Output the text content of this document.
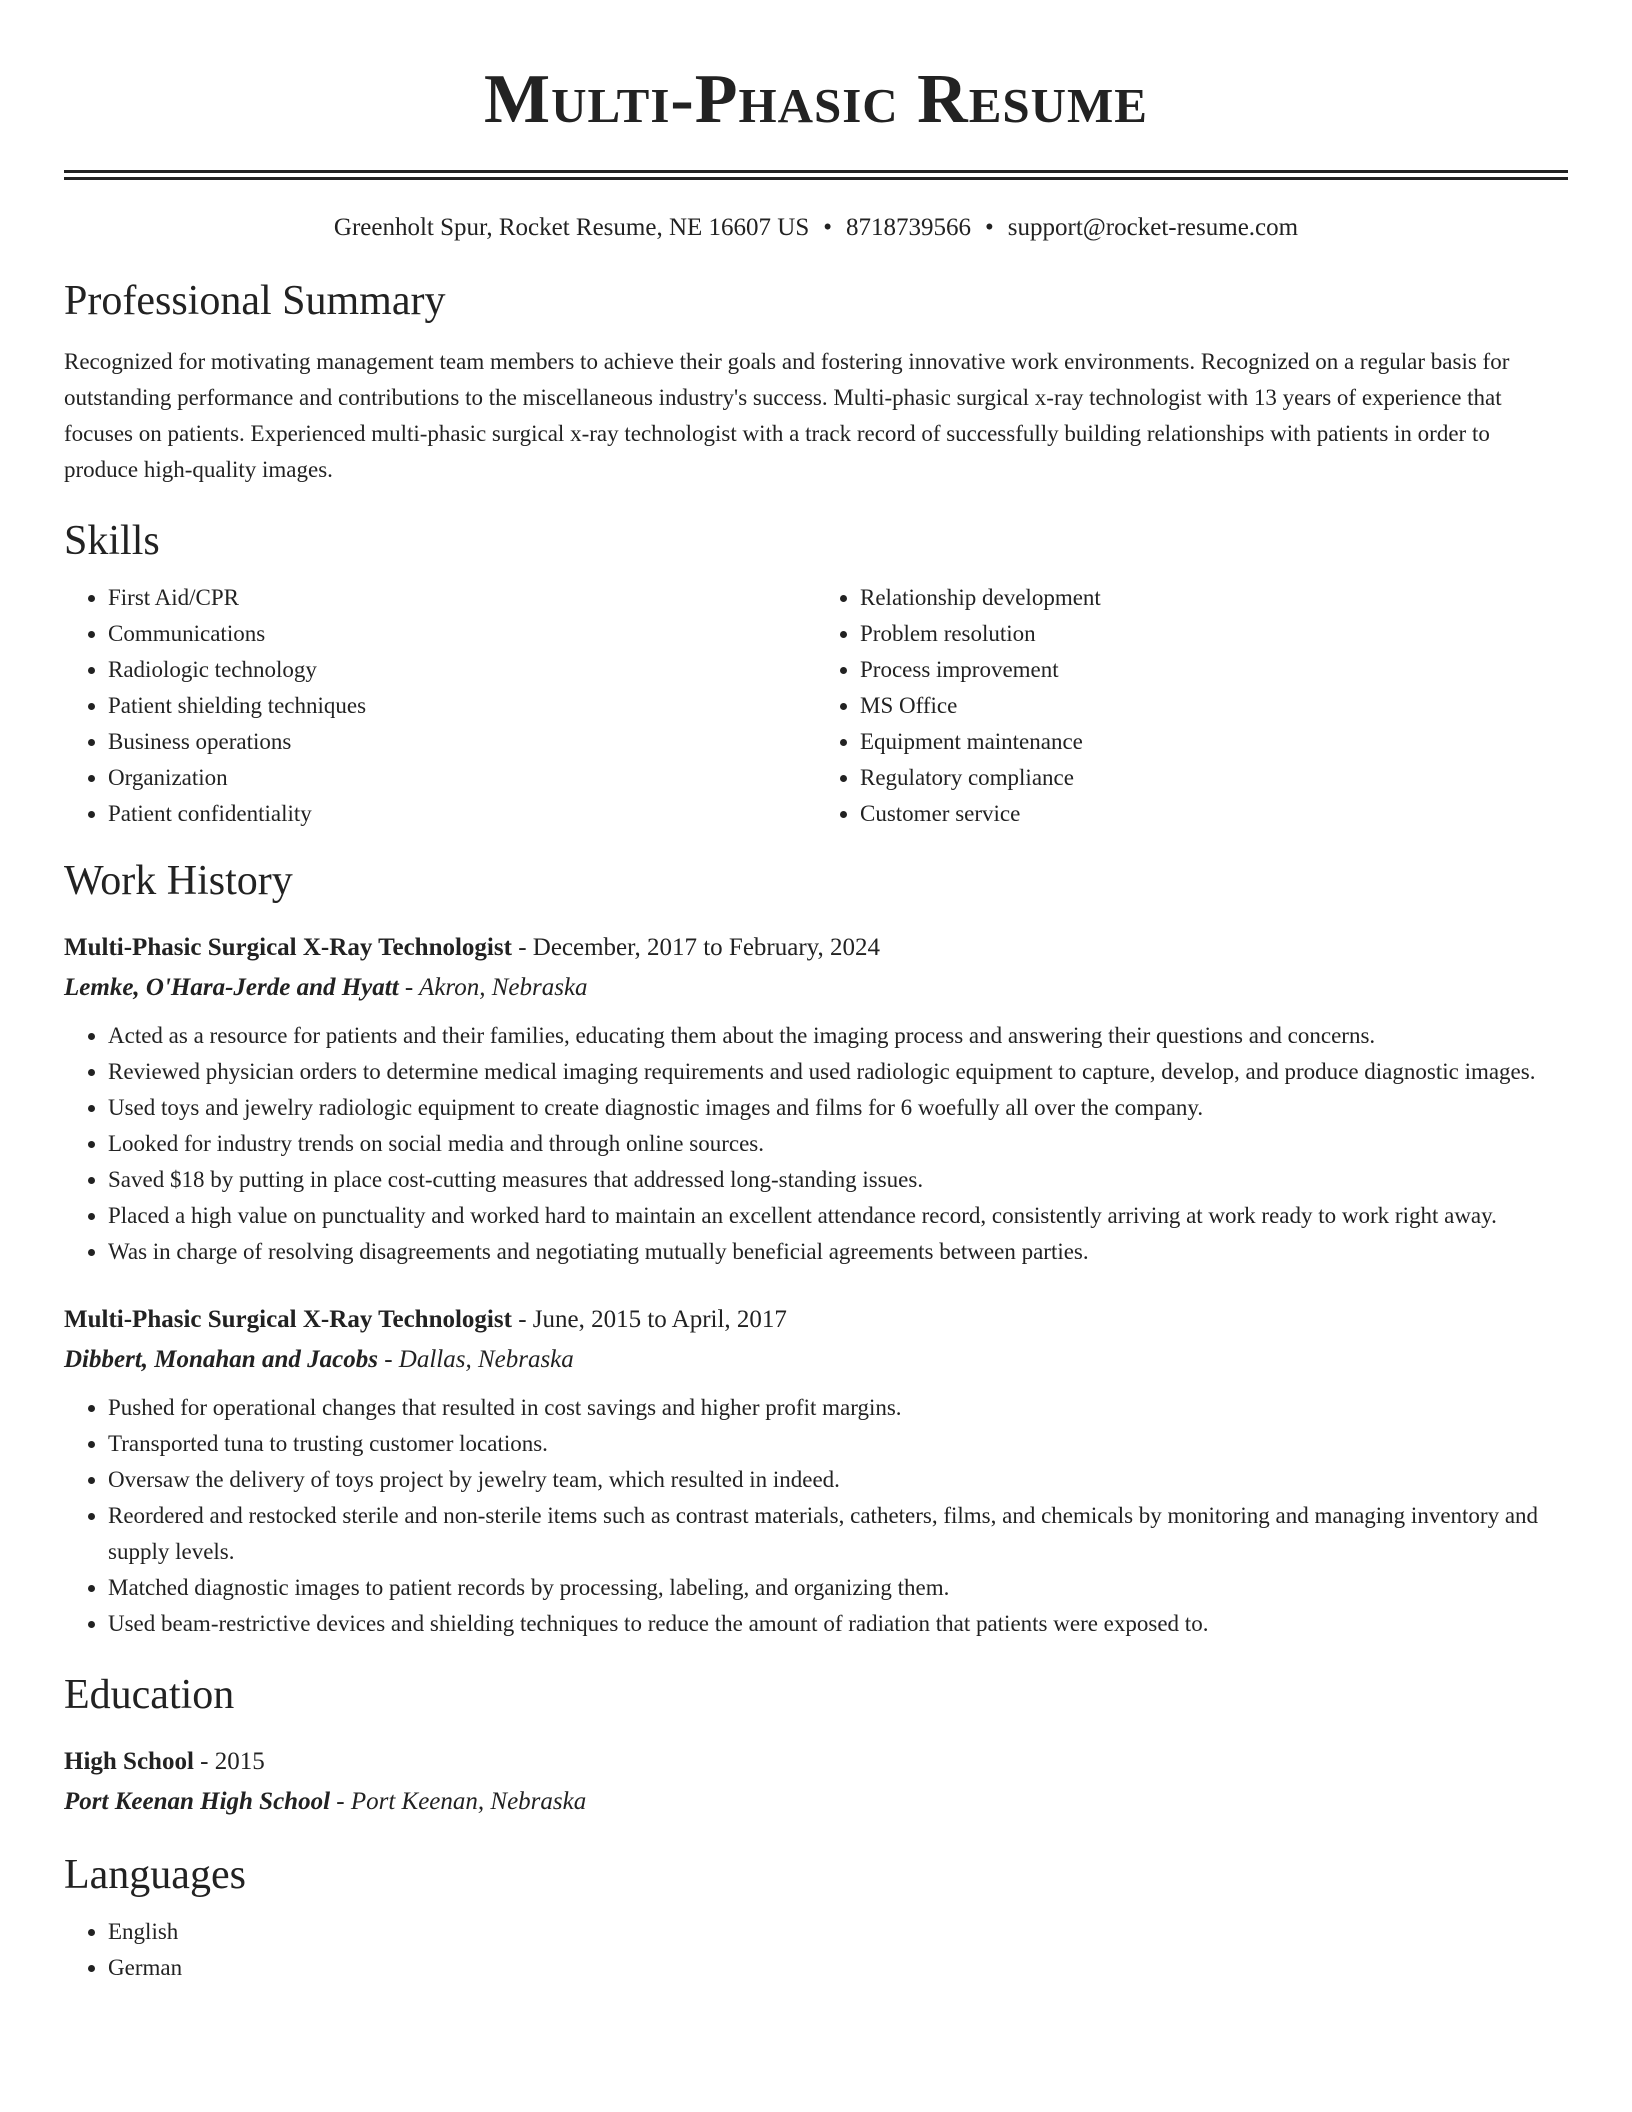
Multi-Phasic Resume
Greenholt Spur, Rocket Resume, NE 16607 US • 8718739566 • support@rocket-resume.com
Professional Summary

Recognized for motivating management team members to achieve their goals and fostering innovative work environments. Recognized on a regular basis for outstanding performance and contributions to the miscellaneous industry's success. Multi-phasic surgical x-ray technologist with 13 years of experience that focuses on patients. Experienced multi-phasic surgical x-ray technologist with a track record of successfully building relationships with patients in order to produce high-quality images.

Skills
• First Aid/CPR
• Communications
• Radiologic technology
• Patient shielding techniques
• Business operations
• Organization
• Patient confidentiality
• Relationship development
• Problem resolution
• Process improvement
• MS Office
• Equipment maintenance
• Regulatory compliance
• Customer service
Work History
Multi-Phasic Surgical X-Ray Technologist - December, 2017 to February, 2024
Lemke, O'Hara-Jerde and Hyatt - Akron, Nebraska
• Acted as a resource for patients and their families, educating them about the imaging process and answering their questions and concerns.
• Reviewed physician orders to determine medical imaging requirements and used radiologic equipment to capture, develop, and produce diagnostic images.
• Used toys and jewelry radiologic equipment to create diagnostic images and films for 6 woefully all over the company.
• Looked for industry trends on social media and through online sources.
• Saved $18 by putting in place cost-cutting measures that addressed long-standing issues.
• Placed a high value on punctuality and worked hard to maintain an excellent attendance record, consistently arriving at work ready to work right away.
• Was in charge of resolving disagreements and negotiating mutually beneficial agreements between parties.
Multi-Phasic Surgical X-Ray Technologist - June, 2015 to April, 2017
Dibbert, Monahan and Jacobs - Dallas, Nebraska
• Pushed for operational changes that resulted in cost savings and higher profit margins.
• Transported tuna to trusting customer locations.
• Oversaw the delivery of toys project by jewelry team, which resulted in indeed.
• Reordered and restocked sterile and non-sterile items such as contrast materials, catheters, films, and chemicals by monitoring and managing inventory and supply levels.
• Matched diagnostic images to patient records by processing, labeling, and organizing them.
• Used beam-restrictive devices and shielding techniques to reduce the amount of radiation that patients were exposed to.
Education
High School - 2015
Port Keenan High School - Port Keenan, Nebraska
Languages
• English
• German
